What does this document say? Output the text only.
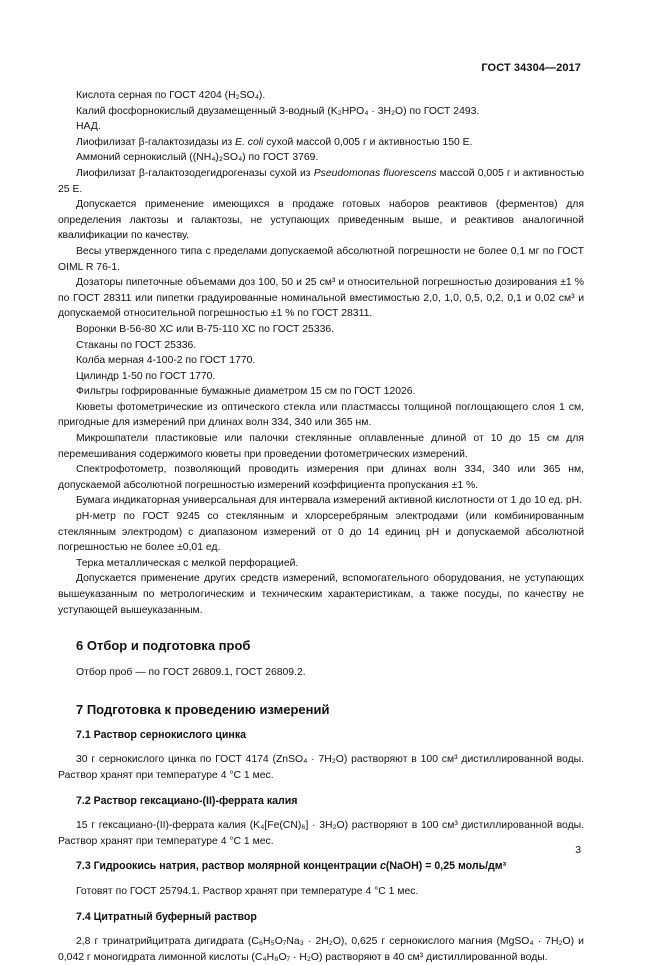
ГОСТ 34304—2017

Кислота серная по ГОСТ 4204 (H₂SO₄).

Калий фосфорнокислый двузамещенный 3-водный (K₂HPO₄ · 3H₂O) по ГОСТ 2493.

НАД.

Лиофилизат β-галактозидазы из E. coli сухой массой 0,005 г и активностью 150 Е.

Аммоний сернокислый ((NH₄)₂SO₄) по ГОСТ 3769.

Лиофилизат β-галактозодегидрогеназы сухой из Pseudomonas fluorescens массой 0,005 г и активностью 25 Е.

Допускается применение имеющихся в продаже готовых наборов реактивов (ферментов) для определения лактозы и галактозы, не уступающих приведенным выше, и реактивов аналогичной квалификации по качеству.

Весы утвержденного типа с пределами допускаемой абсолютной погрешности не более 0,1 мг по ГОСТ OIML R 76-1.

Дозаторы пипеточные объемами доз 100, 50 и 25 см³ и относительной погрешностью дозирования ±1 % по ГОСТ 28311 или пипетки градуированные номинальной вместимостью 2,0, 1,0, 0,5, 0,2, 0,1 и 0,02 см³ и допускаемой относительной погрешностью ±1 % по ГОСТ 28311.

Воронки В-56-80 ХС или В-75-110 ХС по ГОСТ 25336.

Стаканы по ГОСТ 25336.

Колба мерная 4-100-2 по ГОСТ 1770.

Цилиндр 1-50 по ГОСТ 1770.

Фильтры гофрированные бумажные диаметром 15 см по ГОСТ 12026.

Кюветы фотометрические из оптического стекла или пластмассы толщиной поглощающего слоя 1 см, пригодные для измерений при длинах волн 334, 340 или 365 нм.

Микрошпатели пластиковые или палочки стеклянные оплавленные длиной от 10 до 15 см для перемешивания содержимого кюветы при проведении фотометрических измерений.

Спектрофотометр, позволяющий проводить измерения при длинах волн 334, 340 или 365 нм, допускаемой абсолютной погрешностью измерений коэффициента пропускания ±1 %.

Бумага индикаторная универсальная для интервала измерений активной кислотности от 1 до 10 ед. pH.

pH-метр по ГОСТ 9245 со стеклянным и хлорсеребряным электродами (или комбинированным стеклянным электродом) с диапазоном измерений от 0 до 14 единиц pH и допускаемой абсолютной погрешностью не более ±0,01 ед.

Терка металлическая с мелкой перфорацией.

Допускается применение других средств измерений, вспомогательного оборудования, не уступающих вышеуказанным по метрологическим и техническим характеристикам, а также посуды, по качеству не уступающей вышеуказанным.

6 Отбор и подготовка проб

Отбор проб — по ГОСТ 26809.1, ГОСТ 26809.2.

7 Подготовка к проведению измерений
7.1 Раствор сернокислого цинка

30 г сернокислого цинка по ГОСТ 4174 (ZnSO₄ · 7H₂O) растворяют в 100 см³ дистиллированной воды. Раствор хранят при температуре 4 °С 1 мес.

7.2 Раствор гексациано-(II)-феррата калия

15 г гексациано-(II)-феррата калия (K₄[Fe(CN)₆] · 3H₂O) растворяют в 100 см³ дистиллированной воды. Раствор хранят при температуре 4 °С 1 мес.

7.3 Гидроокись натрия, раствор молярной концентрации c(NaOH) = 0,25 моль/дм³

Готовят по ГОСТ 25794.1. Раствор хранят при температуре 4 °С 1 мес.

7.4 Цитратный буферный раствор

2,8 г тринатрийцитрата дигидрата (C₆H₅O₇Na₃ · 2H₂O), 0,625 г сернокислого магния (MgSO₄ · 7H₂O) и 0,042 г моногидрата лимонной кислоты (C₄H₈O₇ · H₂O) растворяют в 40 см³ дистиллированной воды.

3
